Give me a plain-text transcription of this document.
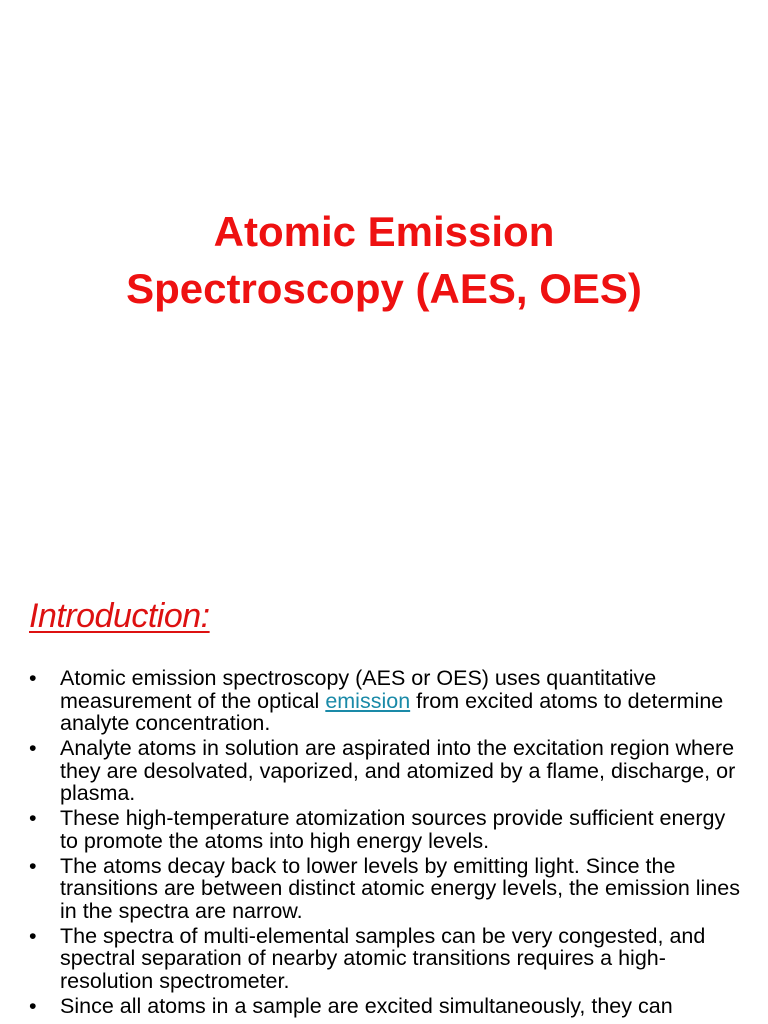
Atomic Emission
Spectroscopy (AES, OES)
Introduction:
• Atomic emission spectroscopy (AES or OES) uses quantitative measurement of the optical emission from excited atoms to determine analyte concentration.
• Analyte atoms in solution are aspirated into the excitation region where they are desolvated, vaporized, and atomized by a flame, discharge, or plasma.
• These high-temperature atomization sources provide sufficient energy to promote the atoms into high energy levels.
• The atoms decay back to lower levels by emitting light. Since the transitions are between distinct atomic energy levels, the emission lines in the spectra are narrow.
• The spectra of multi-elemental samples can be very congested, and spectral separation of nearby atomic transitions requires a high-resolution spectrometer.
• Since all atoms in a sample are excited simultaneously, they can
